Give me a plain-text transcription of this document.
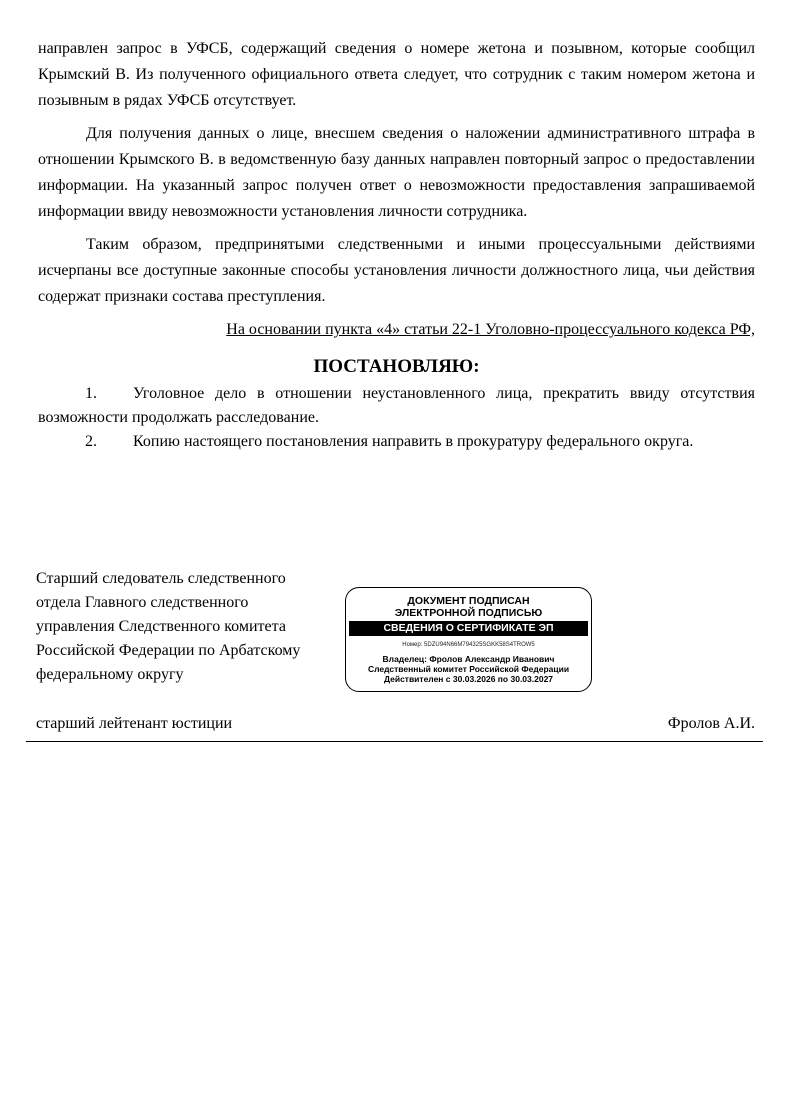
направлен запрос в УФСБ, содержащий сведения о номере жетона и позывном, которые сообщил Крымский В. Из полученного официального ответа следует, что сотрудник с таким номером жетона и позывным в рядах УФСБ отсутствует.

Для получения данных о лице, внесшем сведения о наложении административного штрафа в отношении Крымского В. в ведомственную базу данных направлен повторный запрос о предоставлении информации. На указанный запрос получен ответ о невозможности предоставления запрашиваемой информации ввиду невозможности установления личности сотрудника.

Таким образом, предпринятыми следственными и иными процессуальными действиями исчерпаны все доступные законные способы установления личности должностного лица, чьи действия содержат признаки состава преступления.

На основании пункта «4» статьи 22-1 Уголовно-процессуального кодекса РФ,

ПОСТАНОВЛЯЮ:
1.	Уголовное дело в отношении неустановленного лица, прекратить ввиду отсутствия возможности продолжать расследование.
2.	Копию настоящего постановления направить в прокуратуру федерального округа.
Старший следователь следственного
отдела Главного следственного
управления Следственного комитета
Российской Федерации по Арбатскому
федеральному округу
ДОКУМЕНТ ПОДПИСАН
ЭЛЕКТРОННОЙ ПОДПИСЬЮ
СВЕДЕНИЯ О СЕРТИФИКАТЕ ЭП
Номер: 5DZU94N66M794325SGKK58S4TROW5
Владелец: Фролов Александр Иванович
Следственный комитет Российской Федерации
Действителен с 30.03.2026 по 30.03.2027
старший лейтенант юстиции	Фролов А.И.
